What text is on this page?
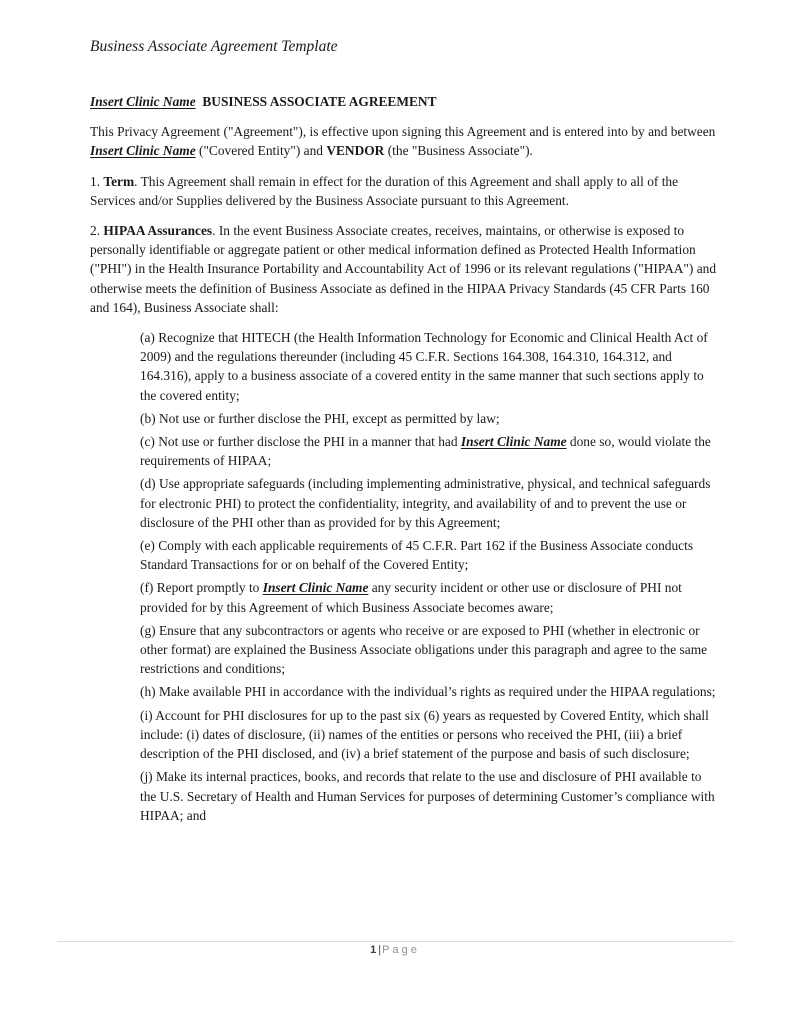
Business Associate Agreement Template
Insert Clinic Name BUSINESS ASSOCIATE AGREEMENT
This Privacy Agreement ("Agreement"), is effective upon signing this Agreement and is entered into by and between Insert Clinic Name ("Covered Entity") and VENDOR (the "Business Associate").
1. Term. This Agreement shall remain in effect for the duration of this Agreement and shall apply to all of the Services and/or Supplies delivered by the Business Associate pursuant to this Agreement.
2. HIPAA Assurances. In the event Business Associate creates, receives, maintains, or otherwise is exposed to personally identifiable or aggregate patient or other medical information defined as Protected Health Information ("PHI") in the Health Insurance Portability and Accountability Act of 1996 or its relevant regulations ("HIPAA") and otherwise meets the definition of Business Associate as defined in the HIPAA Privacy Standards (45 CFR Parts 160 and 164), Business Associate shall:
(a) Recognize that HITECH (the Health Information Technology for Economic and Clinical Health Act of 2009) and the regulations thereunder (including 45 C.F.R. Sections 164.308, 164.310, 164.312, and 164.316), apply to a business associate of a covered entity in the same manner that such sections apply to the covered entity;
(b) Not use or further disclose the PHI, except as permitted by law;
(c) Not use or further disclose the PHI in a manner that had Insert Clinic Name done so, would violate the requirements of HIPAA;
(d) Use appropriate safeguards (including implementing administrative, physical, and technical safeguards for electronic PHI) to protect the confidentiality, integrity, and availability of and to prevent the use or disclosure of the PHI other than as provided for by this Agreement;
(e) Comply with each applicable requirements of 45 C.F.R. Part 162 if the Business Associate conducts Standard Transactions for or on behalf of the Covered Entity;
(f) Report promptly to Insert Clinic Name any security incident or other use or disclosure of PHI not provided for by this Agreement of which Business Associate becomes aware;
(g) Ensure that any subcontractors or agents who receive or are exposed to PHI (whether in electronic or other format) are explained the Business Associate obligations under this paragraph and agree to the same restrictions and conditions;
(h) Make available PHI in accordance with the individual’s rights as required under the HIPAA regulations;
(i) Account for PHI disclosures for up to the past six (6) years as requested by Covered Entity, which shall include: (i) dates of disclosure, (ii) names of the entities or persons who received the PHI, (iii) a brief description of the PHI disclosed, and (iv) a brief statement of the purpose and basis of such disclosure;
(j) Make its internal practices, books, and records that relate to the use and disclosure of PHI available to the U.S. Secretary of Health and Human Services for purposes of determining Customer’s compliance with HIPAA; and
1 |Page
